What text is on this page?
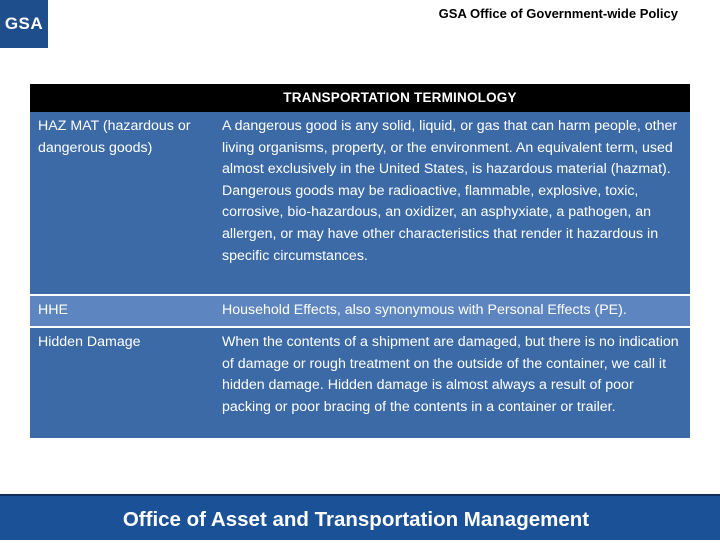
GSA
GSA Office of Government-wide Policy
TRANSPORTATION TERMINOLOGY
HAZ MAT (hazardous or dangerous goods)
A dangerous good is any solid, liquid, or gas that can harm people, other living organisms, property, or the environment. An equivalent term, used almost exclusively in the United States, is hazardous material (hazmat). Dangerous goods may be radioactive, flammable, explosive, toxic, corrosive, bio-hazardous, an oxidizer, an asphyxiate, a pathogen, an allergen, or may have other characteristics that render it hazardous in specific circumstances.
HHE	Household Effects, also synonymous with Personal Effects (PE).
Hidden Damage	When the contents of a shipment are damaged, but there is no indication of damage or rough treatment on the outside of the container, we call it hidden damage. Hidden damage is almost always a result of poor packing or poor bracing of the contents in a container or trailer.
Office of Asset and Transportation Management
